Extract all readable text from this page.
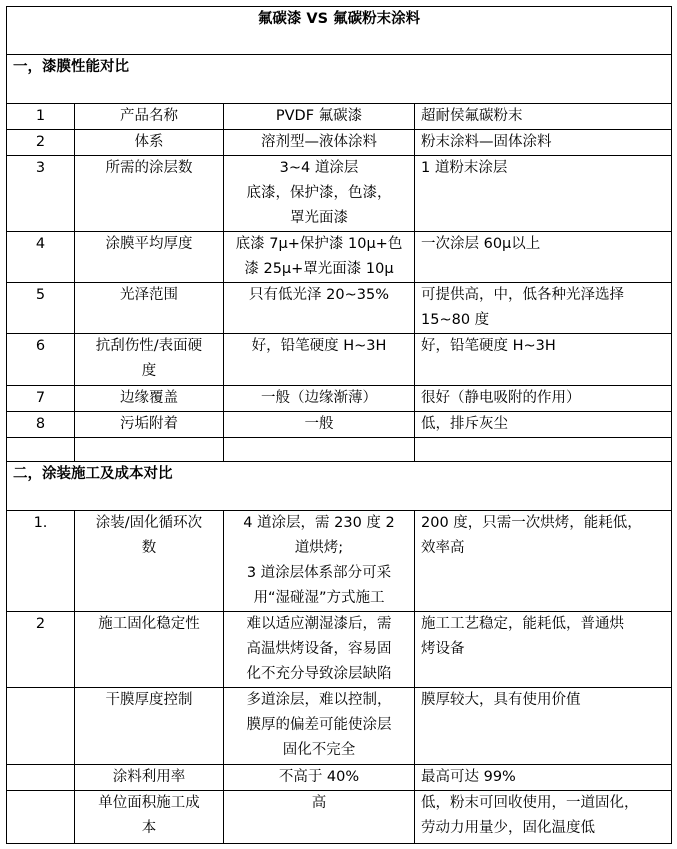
氟碳漆 VS 氟碳粉末涂料			
一，漆膜性能对比			
1	产品名称	PVDF 氟碳漆	超耐侯氟碳粉末

2	体系	溶剂型—液体涂料	粉末涂料—固体涂料

3	所需的涂层数	3~4 道涂层
底漆，保护漆，色漆，
罩光面漆	1 道粉末涂层

4	涂膜平均厚度	底漆 7μ+保护漆 10μ+色
漆 25μ+罩光面漆 10μ	一次涂层 60μ以上

5	光泽范围	只有低光泽 20~35%	可提供高，中，低各种光泽选择
15~80 度

6	抗刮伤性/表面硬
度	好，铅笔硬度 H~3H	好，铅笔硬度 H~3H

7	边缘覆盖	一般（边缘渐薄）	很好（静电吸附的作用）

8	污垢附着	一般	低，排斥灰尘

二，涂装施工及成本对比			
1.	涂装/固化循环次
数	4 道涂层，需 230 度 2
道烘烤;
3 道涂层体系部分可采
用“湿碰湿”方式施工	200 度，只需一次烘烤，能耗低，
效率高

2	施工固化稳定性	难以适应潮湿漆后，需
高温烘烤设备，容易固
化不充分导致涂层缺陷	施工工艺稳定，能耗低，普通烘
烤设备

	干膜厚度控制	多道涂层，难以控制，
膜厚的偏差可能使涂层
固化不完全	膜厚较大，具有使用价值

	涂料利用率	不高于 40%	最高可达 99%

	单位面积施工成
本	高	低，粉末可回收使用，一道固化，
劳动力用量少，固化温度低
